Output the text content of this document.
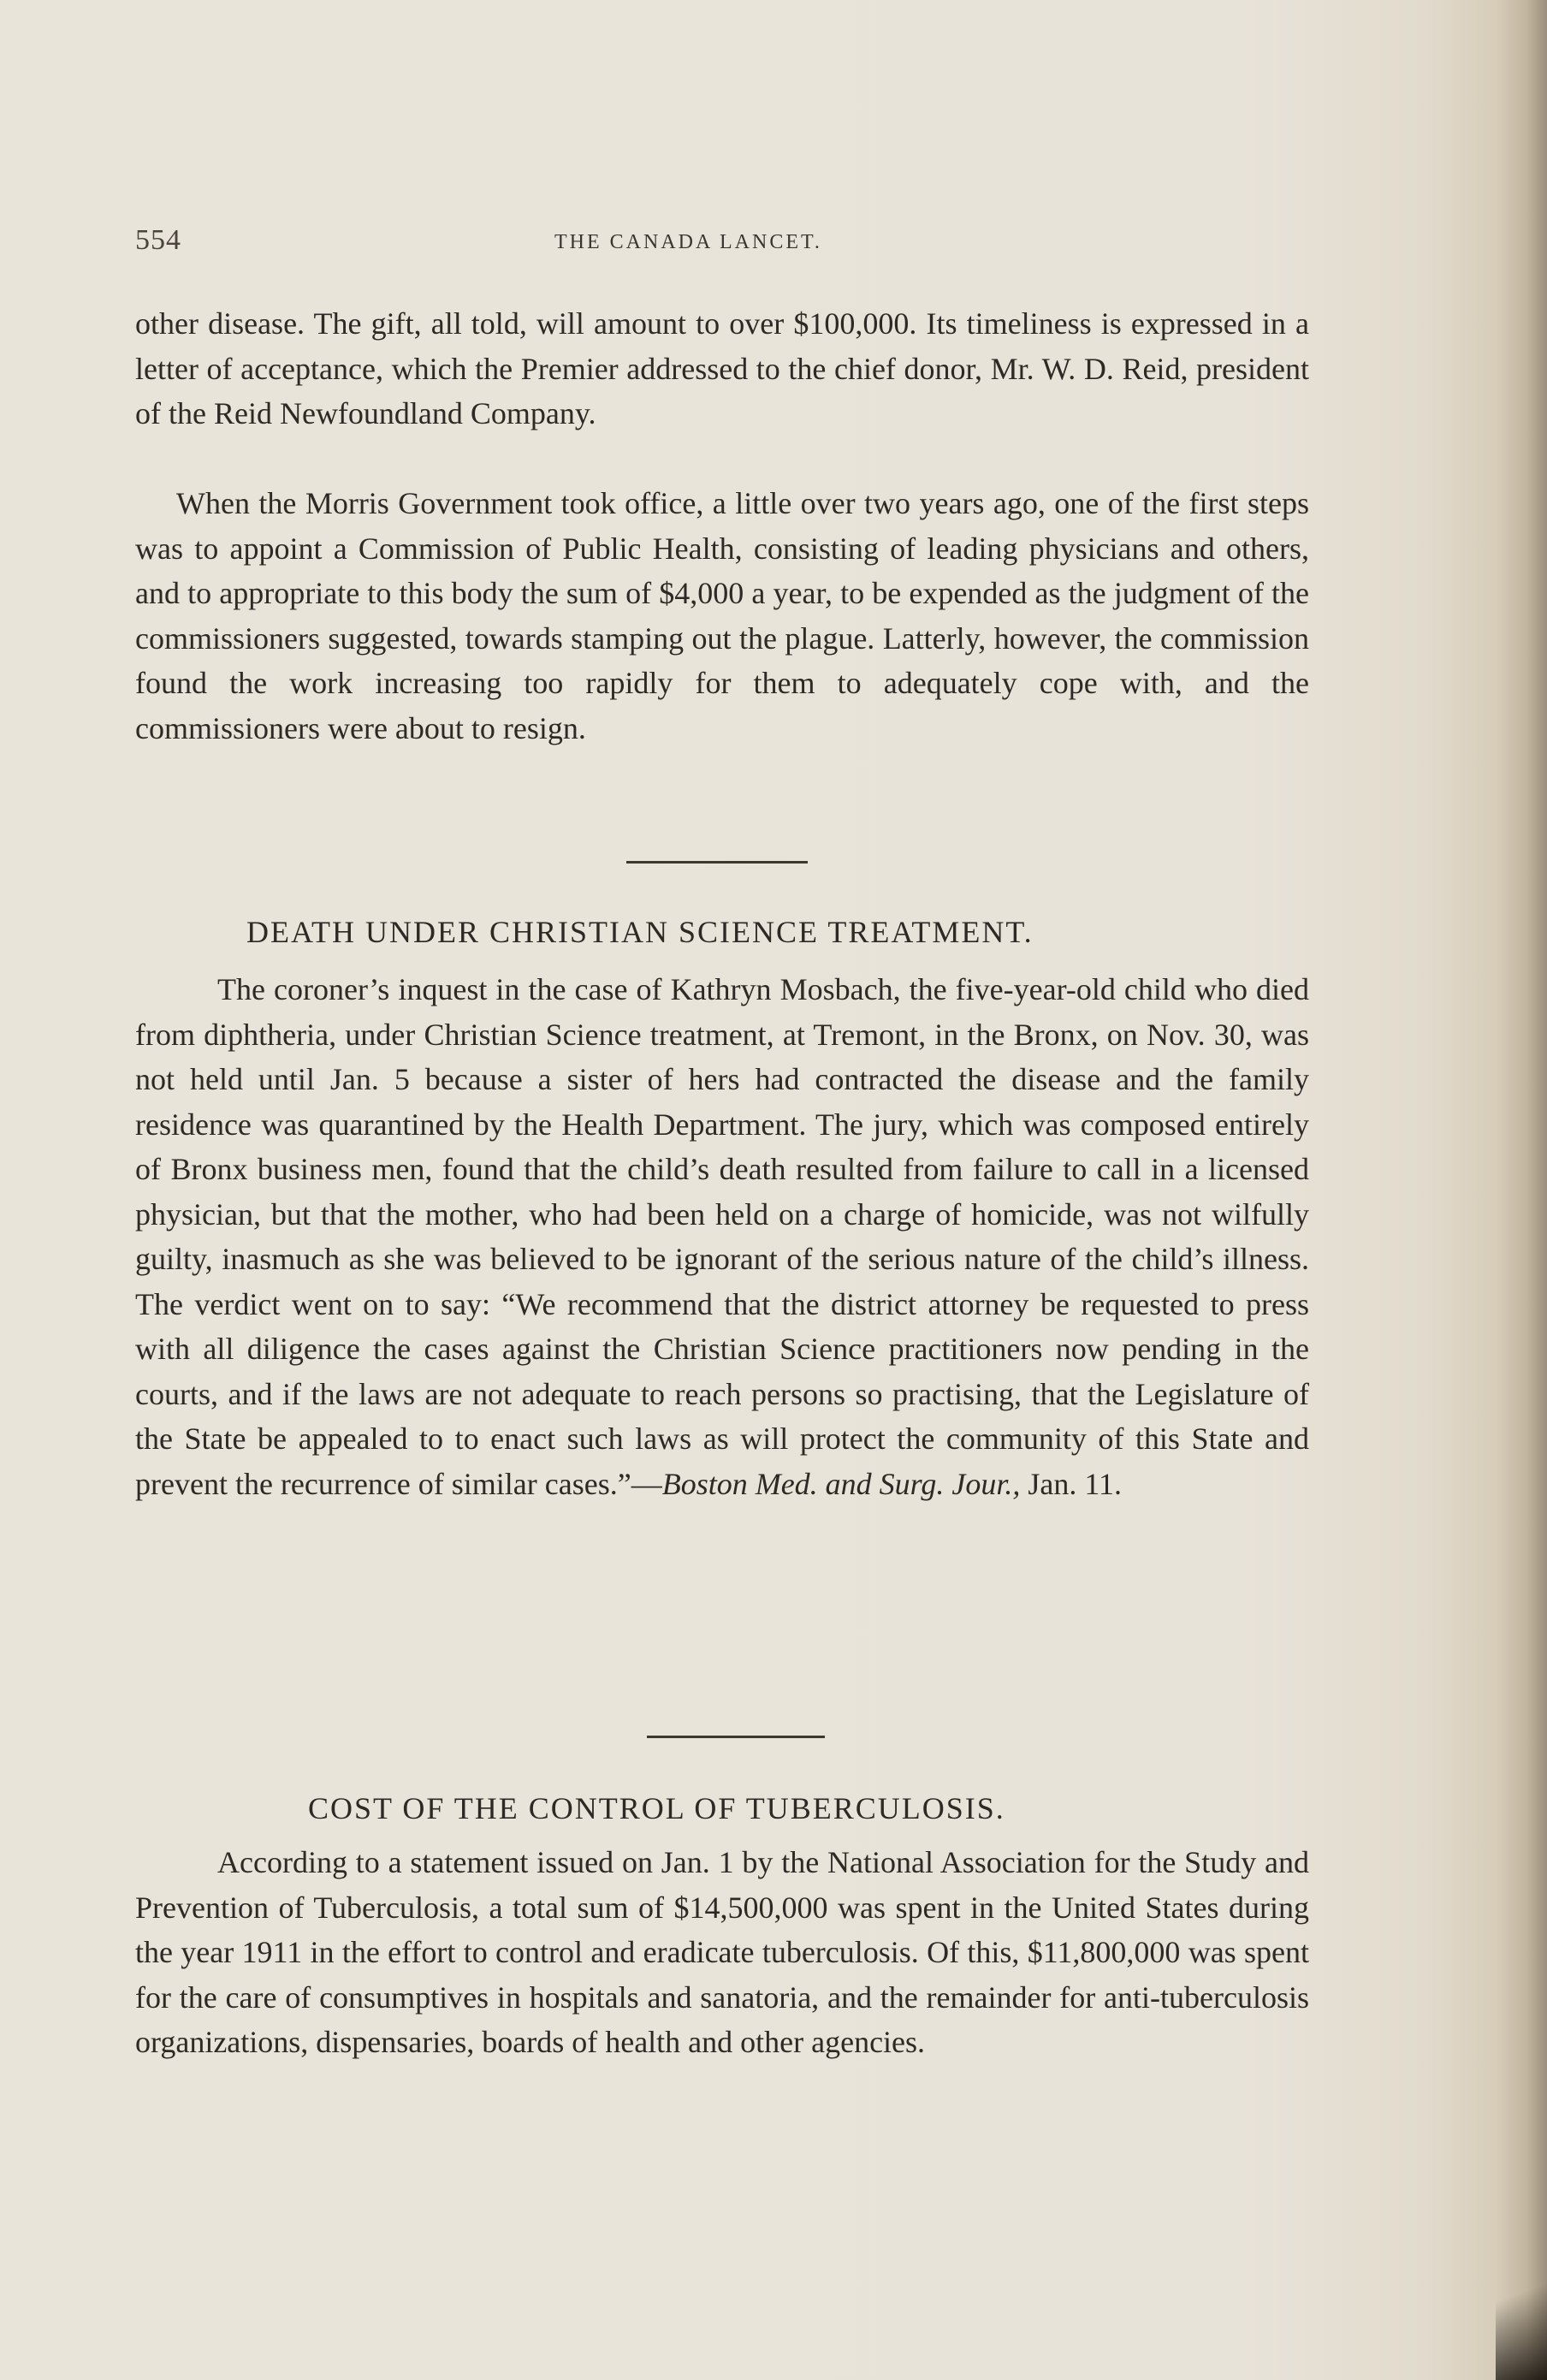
554	THE CANADA LANCET.

other disease. The gift, all told, will amount to over $100,000. Its timeliness is expressed in a letter of acceptance, which the Premier addressed to the chief donor, Mr. W. D. Reid, president of the Reid Newfoundland Company.

When the Morris Government took office, a little over two years ago, one of the first steps was to appoint a Commission of Public Health, consisting of leading physicians and others, and to appropriate to this body the sum of $4,000 a year, to be expended as the judgment of the commissioners suggested, towards stamping out the plague. Latterly, however, the commission found the work increasing too rapidly for them to adequately cope with, and the commissioners were about to resign.

DEATH UNDER CHRISTIAN SCIENCE TREATMENT.

The coroner’s inquest in the case of Kathryn Mosbach, the five-year-old child who died from diphtheria, under Christian Science treatment, at Tremont, in the Bronx, on Nov. 30, was not held until Jan. 5 because a sister of hers had contracted the disease and the family residence was quarantined by the Health Department. The jury, which was composed entirely of Bronx business men, found that the child’s death resulted from failure to call in a licensed physician, but that the mother, who had been held on a charge of homicide, was not wilfully guilty, inasmuch as she was believed to be ignorant of the serious nature of the child’s illness. The verdict went on to say: “We recommend that the district attorney be requested to press with all diligence the cases against the Christian Science practitioners now pending in the courts, and if the laws are not adequate to reach persons so practising, that the Legislature of the State be appealed to to enact such laws as will protect the community of this State and prevent the recurrence of similar cases.”—Boston Med. and Surg. Jour., Jan. 11.

COST OF THE CONTROL OF TUBERCULOSIS.

According to a statement issued on Jan. 1 by the National Association for the Study and Prevention of Tuberculosis, a total sum of $14,500,000 was spent in the United States during the year 1911 in the effort to control and eradicate tuberculosis. Of this, $11,800,000 was spent for the care of consumptives in hospitals and sanatoria, and the remainder for anti-tuberculosis organizations, dispensaries, boards of health and other agencies.
